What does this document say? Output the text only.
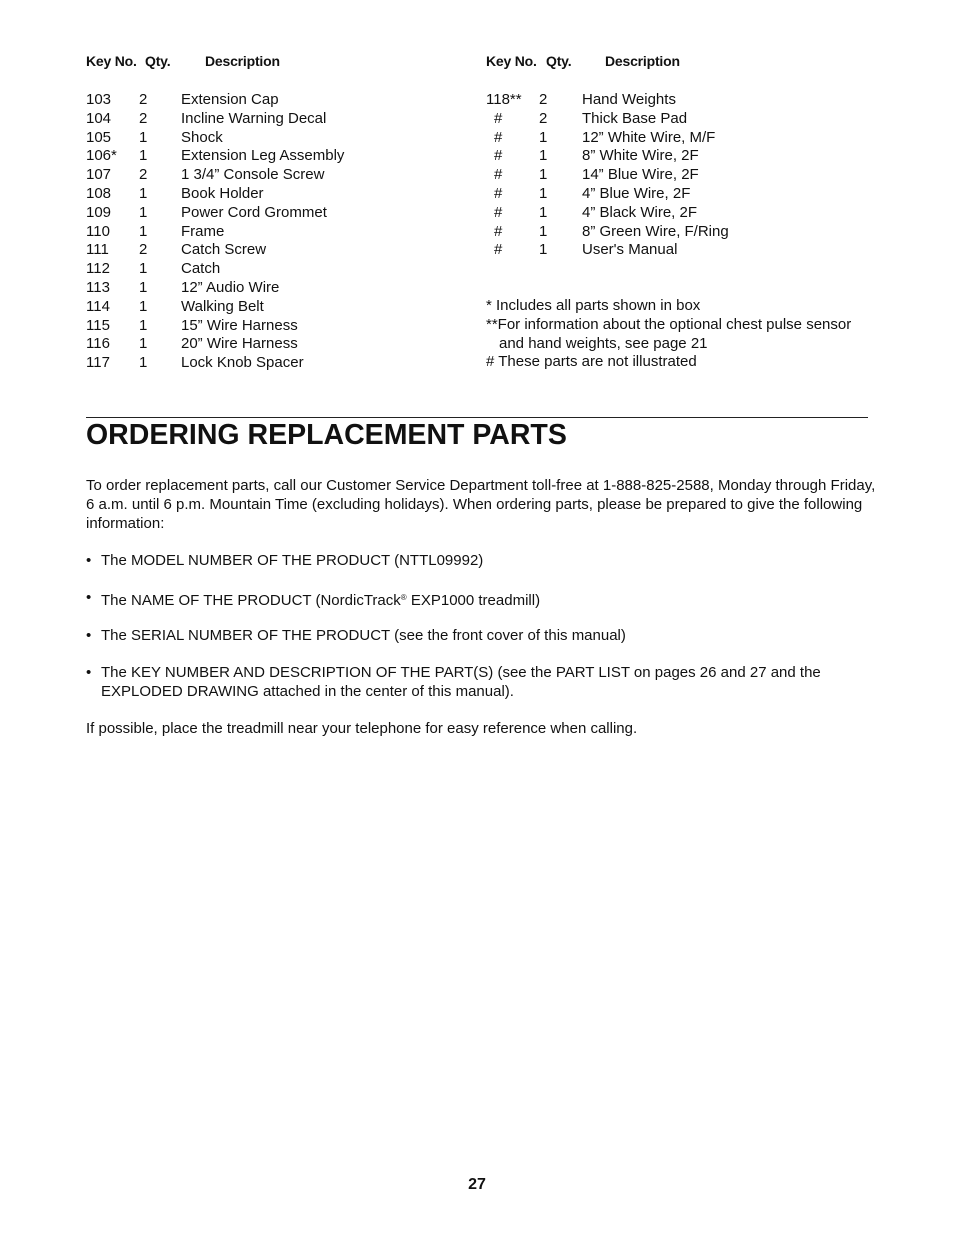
Key No. Qty. Description	Key No. Qty. Description
103 2 Extension Cap
104 2 Incline Warning Decal
105 1 Shock
106* 1 Extension Leg Assembly
107 2 1 3/4” Console Screw
108 1 Book Holder
109 1 Power Cord Grommet
110 1 Frame
111 2 Catch Screw
112 1 Catch
113 1 12” Audio Wire
114 1 Walking Belt
115 1 15” Wire Harness
116 1 20” Wire Harness
117 1 Lock Knob Spacer
118** 2 Hand Weights
# 2 Thick Base Pad
# 1 12” White Wire, M/F
# 1 8” White Wire, 2F
# 1 14” Blue Wire, 2F
# 1 4” Blue Wire, 2F
# 1 4” Black Wire, 2F
# 1 8” Green Wire, F/Ring
# 1 User's Manual
* Includes all parts shown in box
**For information about the optional chest pulse sensor
and hand weights, see page 21
# These parts are not illustrated
ORDERING REPLACEMENT PARTS

To order replacement parts, call our Customer Service Department toll-free at 1-888-825-2588, Monday through Friday, 6 a.m. until 6 p.m. Mountain Time (excluding holidays). When ordering parts, please be prepared to give the following information:

• The MODEL NUMBER OF THE PRODUCT (NTTL09992)
• The NAME OF THE PRODUCT (NordicTrack® EXP1000 treadmill)
• The SERIAL NUMBER OF THE PRODUCT (see the front cover of this manual)
• The KEY NUMBER AND DESCRIPTION OF THE PART(S) (see the PART LIST on pages 26 and 27 and the EXPLODED DRAWING attached in the center of this manual).

If possible, place the treadmill near your telephone for easy reference when calling.

27
